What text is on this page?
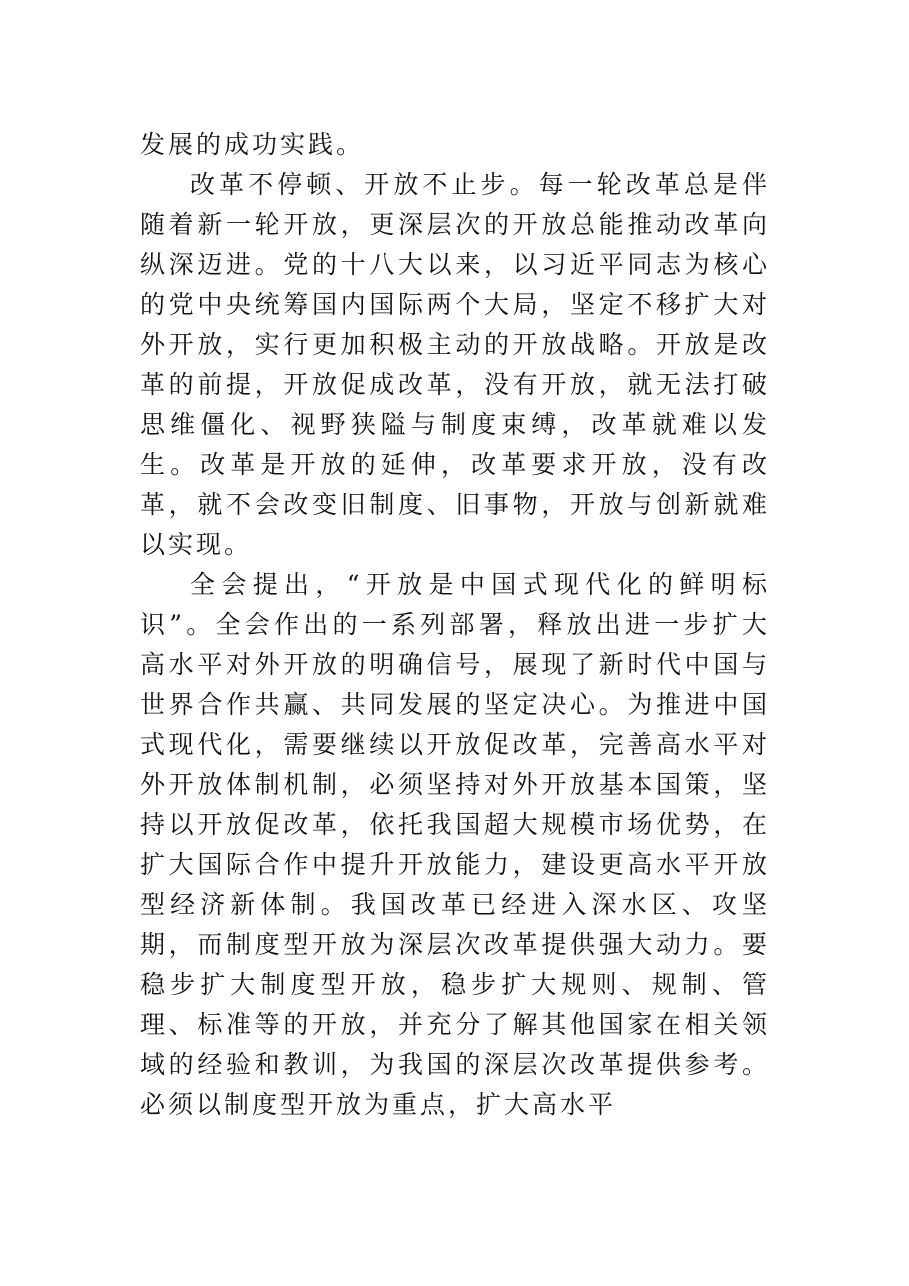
发展的成功实践。

改革不停顿、开放不止步。每一轮改革总是伴随着新一轮开放，更深层次的开放总能推动改革向纵深迈进。党的十八大以来，以习近平同志为核心的党中央统筹国内国际两个大局，坚定不移扩大对外开放，实行更加积极主动的开放战略。开放是改革的前提，开放促成改革，没有开放，就无法打破思维僵化、视野狭隘与制度束缚，改革就难以发生。改革是开放的延伸，改革要求开放，没有改革，就不会改变旧制度、旧事物，开放与创新就难以实现。

全会提出，“开放是中国式现代化的鲜明标识”。全会作出的一系列部署，释放出进一步扩大高水平对外开放的明确信号，展现了新时代中国与世界合作共赢、共同发展的坚定决心。为推进中国式现代化，需要继续以开放促改革，完善高水平对外开放体制机制，必须坚持对外开放基本国策，坚持以开放促改革，依托我国超大规模市场优势，在扩大国际合作中提升开放能力，建设更高水平开放型经济新体制。我国改革已经进入深水区、攻坚期，而制度型开放为深层次改革提供强大动力。要稳步扩大制度型开放，稳步扩大规则、规制、管理、标准等的开放，并充分了解其他国家在相关领域的经验和教训，为我国的深层次改革提供参考。必须以制度型开放为重点，扩大高水平
